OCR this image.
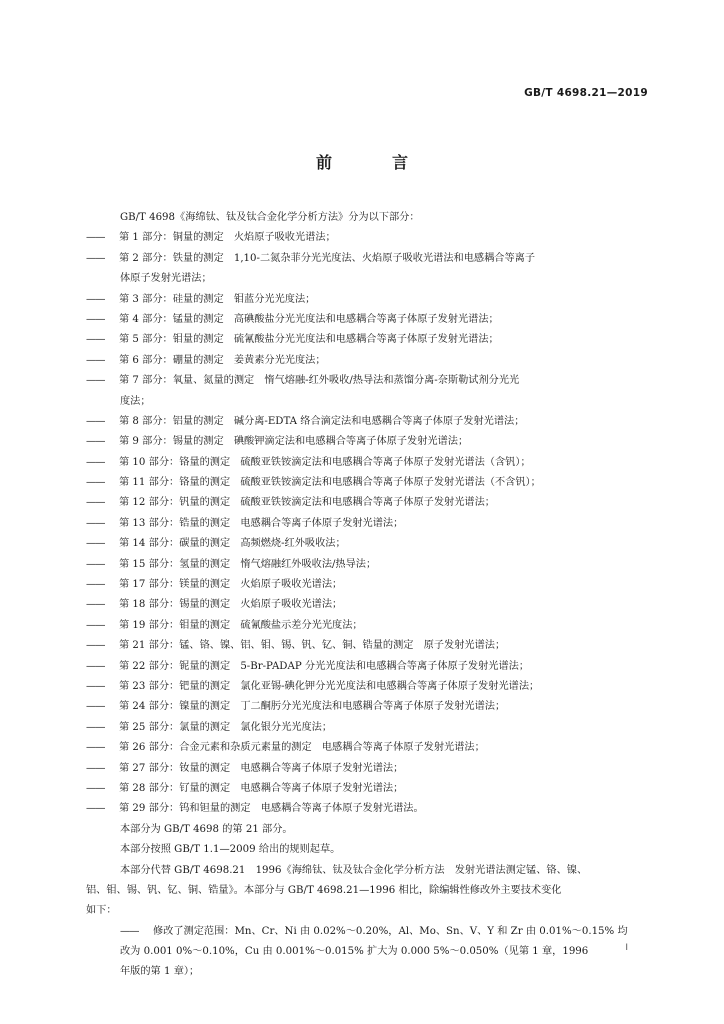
GB/T 4698.21—2019
前　言
GB/T 4698《海绵钛、钛及钛合金化学分析方法》分为以下部分：
—— 第 1 部分：铜量的测定　火焰原子吸收光谱法；
—— 第 2 部分：铁量的测定　1,10-二氮杂菲分光光度法、火焰原子吸收光谱法和电感耦合等离子
体原子发射光谱法；
—— 第 3 部分：硅量的测定　钼蓝分光光度法；
—— 第 4 部分：锰量的测定　高碘酸盐分光光度法和电感耦合等离子体原子发射光谱法；
—— 第 5 部分：钼量的测定　硫氰酸盐分光光度法和电感耦合等离子体原子发射光谱法；
—— 第 6 部分：硼量的测定　姜黄素分光光度法；
—— 第 7 部分：氧量、氮量的测定　惰气熔融-红外吸收/热导法和蒸馏分离-奈斯勒试剂分光光
度法；
—— 第 8 部分：铝量的测定　碱分离-EDTA 络合滴定法和电感耦合等离子体原子发射光谱法；
—— 第 9 部分：锡量的测定　碘酸钾滴定法和电感耦合等离子体原子发射光谱法；
—— 第 10 部分：铬量的测定　硫酸亚铁铵滴定法和电感耦合等离子体原子发射光谱法（含钒）；
—— 第 11 部分：铬量的测定　硫酸亚铁铵滴定法和电感耦合等离子体原子发射光谱法（不含钒）；
—— 第 12 部分：钒量的测定　硫酸亚铁铵滴定法和电感耦合等离子体原子发射光谱法；
—— 第 13 部分：锆量的测定　电感耦合等离子体原子发射光谱法；
—— 第 14 部分：碳量的测定　高频燃烧-红外吸收法；
—— 第 15 部分：氢量的测定　惰气熔融红外吸收法/热导法；
—— 第 17 部分：镁量的测定　火焰原子吸收光谱法；
—— 第 18 部分：锡量的测定　火焰原子吸收光谱法；
—— 第 19 部分：钼量的测定　硫氰酸盐示差分光光度法；
—— 第 21 部分：锰、铬、镍、铝、钼、锡、钒、钇、铜、锆量的测定　原子发射光谱法；
—— 第 22 部分：铌量的测定　5-Br-PADAP 分光光度法和电感耦合等离子体原子发射光谱法；
—— 第 23 部分：钯量的测定　氯化亚锡-碘化钾分光光度法和电感耦合等离子体原子发射光谱法；
—— 第 24 部分：镍量的测定　丁二酮肟分光光度法和电感耦合等离子体原子发射光谱法；
—— 第 25 部分：氯量的测定　氯化银分光光度法；
—— 第 26 部分：合金元素和杂质元素量的测定　电感耦合等离子体原子发射光谱法；
—— 第 27 部分：钕量的测定　电感耦合等离子体原子发射光谱法；
—— 第 28 部分：钌量的测定　电感耦合等离子体原子发射光谱法；
—— 第 29 部分：钨和钽量的测定　电感耦合等离子体原子发射光谱法。
本部分为 GB/T 4698 的第 21 部分。
本部分按照 GB/T 1.1—2009 给出的规则起草。
本部分代替 GB/T 4698.21　1996《海绵钛、钛及钛合金化学分析方法　发射光谱法测定锰、铬、镍、
铝、钼、锡、钒、钇、铜、锆量》。本部分与 GB/T 4698.21—1996 相比，除编辑性修改外主要技术变化
如下：
—— 修改了测定范围：Mn、Cr、Ni 由 0.02%～0.20%，Al、Mo、Sn、V、Y 和 Zr 由 0.01%～0.15% 均
改为 0.001 0%～0.10%，Cu 由 0.001%～0.015% 扩大为 0.000 5%～0.050%（见第 1 章，1996
年版的第 1 章）；
I
